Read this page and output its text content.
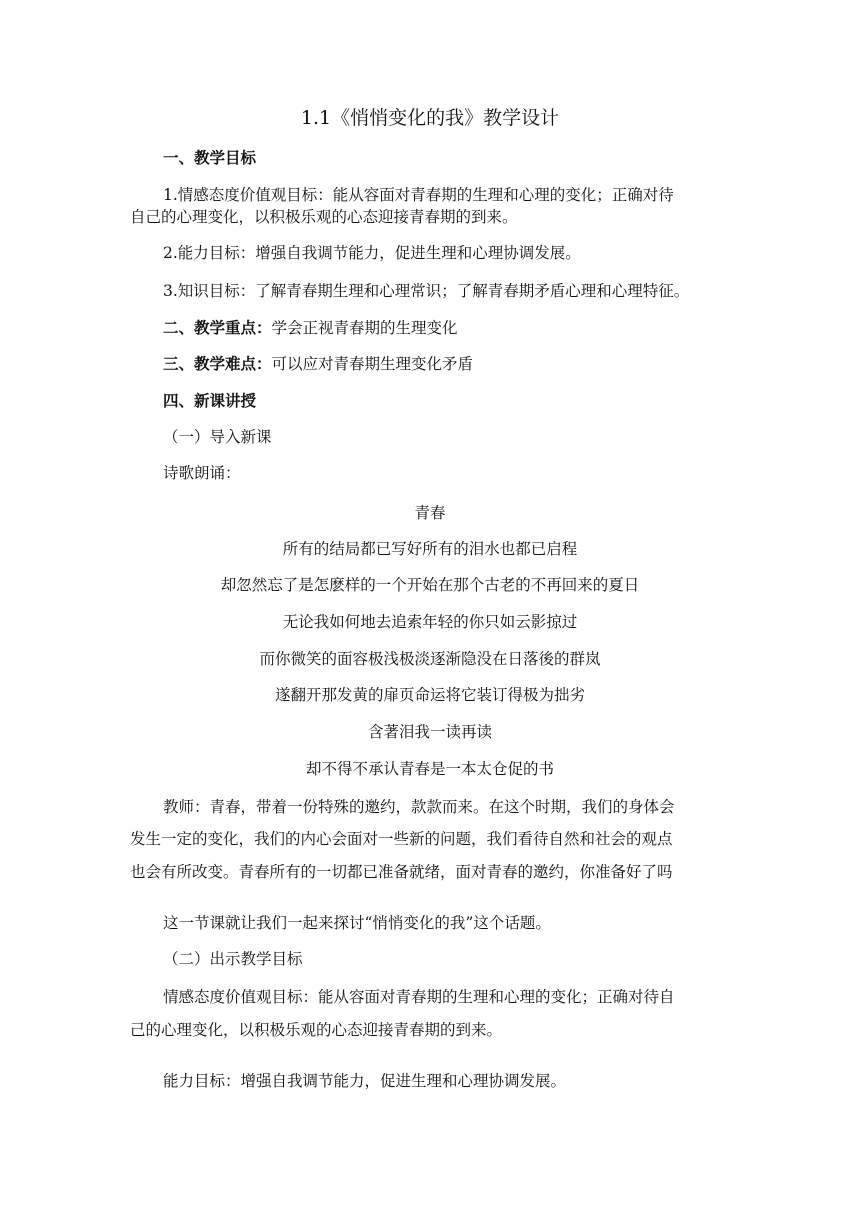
1.1《悄悄变化的我》教学设计
一、教学目标
1.情感态度价值观目标：能从容面对青春期的生理和心理的变化；正确对待
自己的心理变化，以积极乐观的心态迎接青春期的到来。
2.能力目标：增强自我调节能力，促进生理和心理协调发展。
3.知识目标：了解青春期生理和心理常识；了解青春期矛盾心理和心理特征。
二、教学重点：学会正视青春期的生理变化
三、教学难点：可以应对青春期生理变化矛盾
四、新课讲授
（一）导入新课
诗歌朗诵：
青春
所有的结局都已写好所有的泪水也都已启程
却忽然忘了是怎麽样的一个开始在那个古老的不再回来的夏日
无论我如何地去追索年轻的你只如云影掠过
而你微笑的面容极浅极淡逐渐隐没在日落後的群岚
遂翻开那发黄的扉页命运将它装订得极为拙劣
含著泪我一读再读
却不得不承认青春是一本太仓促的书
教师：青春，带着一份特殊的邀约，款款而来。在这个时期，我们的身体会
发生一定的变化，我们的内心会面对一些新的问题，我们看待自然和社会的观点
也会有所改变。青春所有的一切都已准备就绪，面对青春的邀约，你准备好了吗
这一节课就让我们一起来探讨“悄悄变化的我”这个话题。
（二）出示教学目标
情感态度价值观目标：能从容面对青春期的生理和心理的变化；正确对待自
己的心理变化，以积极乐观的心态迎接青春期的到来。
能力目标：增强自我调节能力，促进生理和心理协调发展。
